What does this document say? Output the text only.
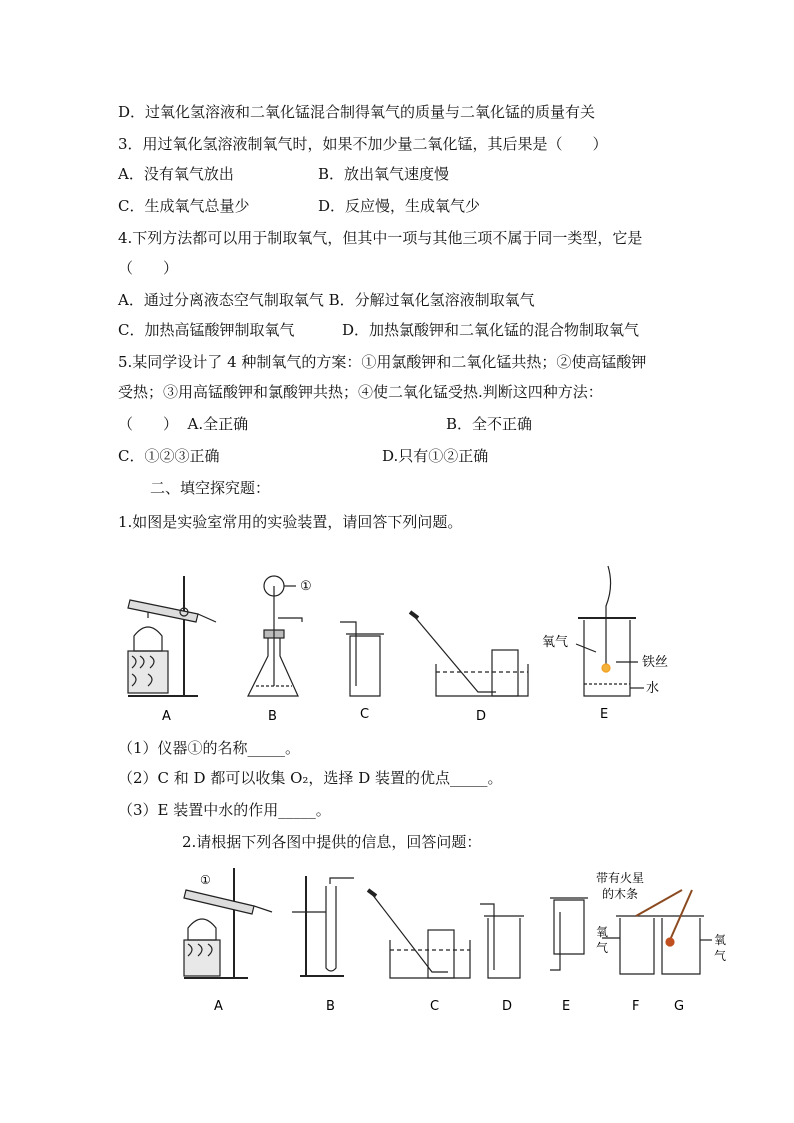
D．过氧化氢溶液和二氧化锰混合制得氧气的质量与二氧化锰的质量有关
3．用过氧化氢溶液制氧气时，如果不加少量二氧化锰，其后果是（　　）
A．没有氧气放出	B．放出氧气速度慢
C．生成氧气总量少	D．反应慢，生成氧气少
4.下列方法都可以用于制取氧气，但其中一项与其他三项不属于同一类型，它是
（　　）
A．通过分离液态空气制取氧气 B．分解过氧化氢溶液制取氧气
C．加热高锰酸钾制取氧气	D．加热氯酸钾和二氧化锰的混合物制取氧气
5.某同学设计了 4 种制氧气的方案：①用氯酸钾和二氧化锰共热；②使高锰酸钾
受热；③用高锰酸钾和氯酸钾共热；④使二氧化锰受热.判断这四种方法：
（　　）  A.全正确	B．全不正确
C．①②③正确	D.只有①②正确
二、填空探究题：
1.如图是实验室常用的实验装置，请回答下列问题。
①
氧气
铁丝
水
A	B	C	D	E
（1）仪器①的名称_____。
（2）C 和 D 都可以收集 O₂，选择 D 装置的优点_____。
（3）E 装置中水的作用_____。
2.请根据下列各图中提供的信息，回答问题：
①	带有火星
的木条
氧
气
氧
气
A	B	C	D	E	F	G
